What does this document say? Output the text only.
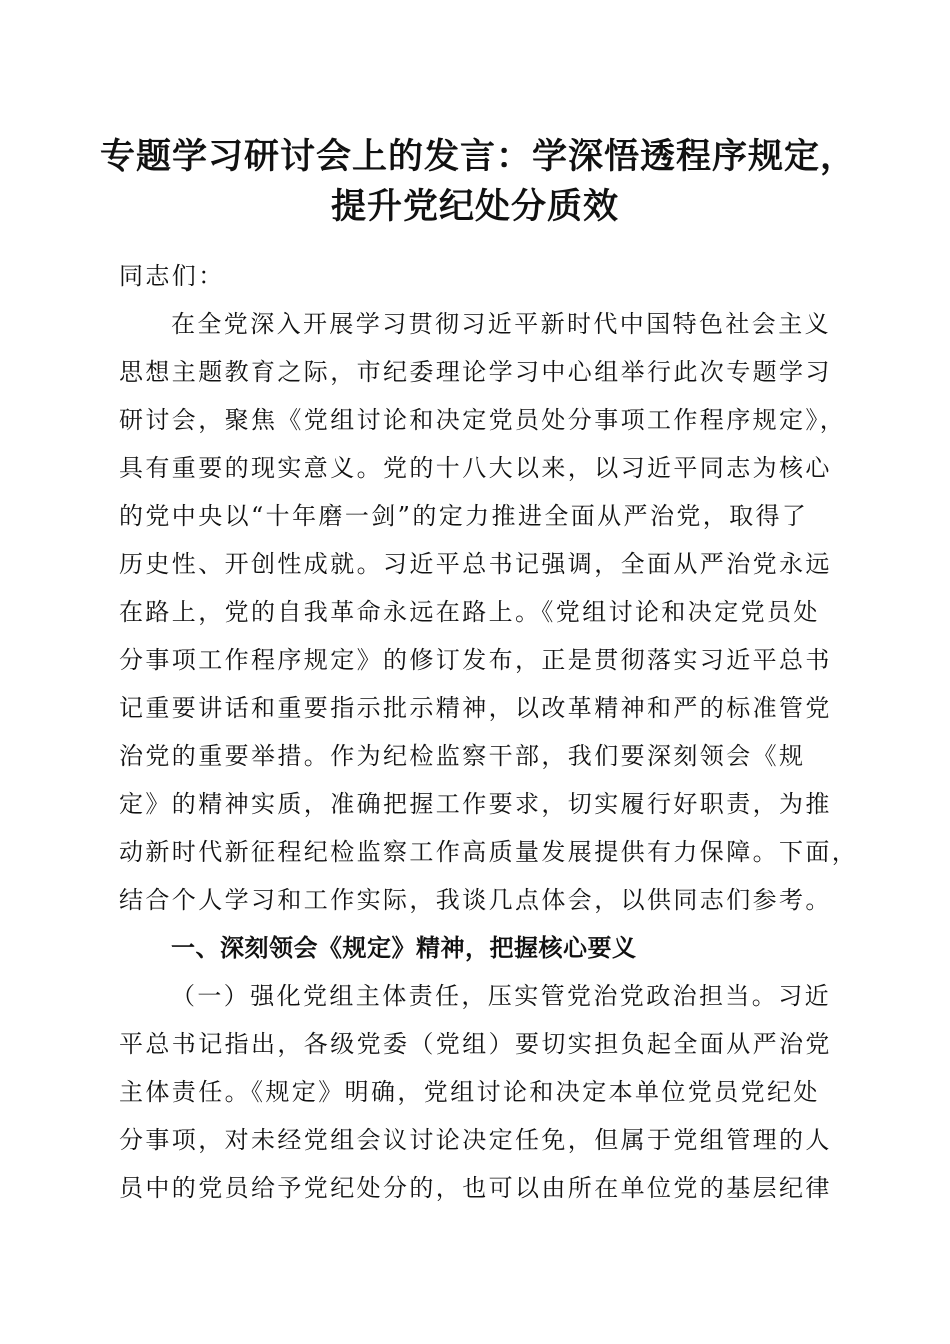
专题学习研讨会上的发言：学深悟透程序规定，
提升党纪处分质效
同志们：
在全党深入开展学习贯彻习近平新时代中国特色社会主义
思想主题教育之际，市纪委理论学习中心组举行此次专题学习
研讨会，聚焦《党组讨论和决定党员处分事项工作程序规定》，
具有重要的现实意义。党的十八大以来，以习近平同志为核心
的党中央以“十年磨一剑”的定力推进全面从严治党，取得了
历史性、开创性成就。习近平总书记强调，全面从严治党永远
在路上，党的自我革命永远在路上。《党组讨论和决定党员处
分事项工作程序规定》的修订发布，正是贯彻落实习近平总书
记重要讲话和重要指示批示精神，以改革精神和严的标准管党
治党的重要举措。作为纪检监察干部，我们要深刻领会《规
定》的精神实质，准确把握工作要求，切实履行好职责，为推
动新时代新征程纪检监察工作高质量发展提供有力保障。下面，
结合个人学习和工作实际，我谈几点体会，以供同志们参考。
一、深刻领会《规定》精神，把握核心要义
（一）强化党组主体责任，压实管党治党政治担当。习近
平总书记指出，各级党委（党组）要切实担负起全面从严治党
主体责任。《规定》明确，党组讨论和决定本单位党员党纪处
分事项，对未经党组会议讨论决定任免，但属于党组管理的人
员中的党员给予党纪处分的，也可以由所在单位党的基层纪律
